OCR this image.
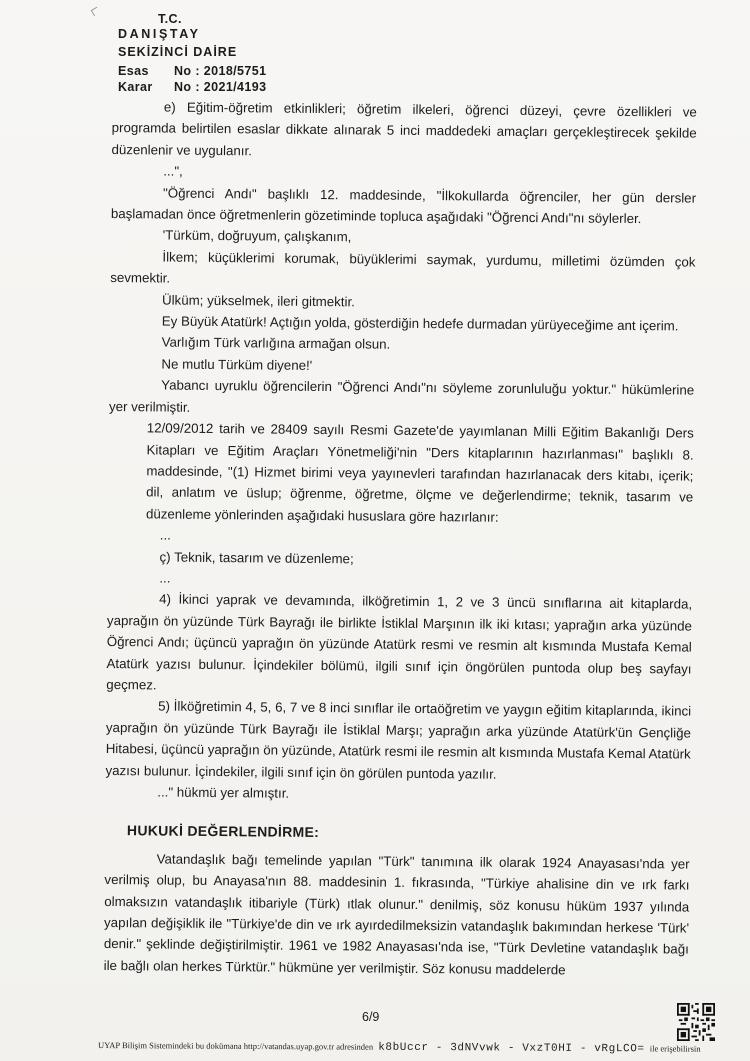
T.C.
DANIŞTAY
SEKİZİNCİ DAİRE
Esas No : 2018/5751
Karar No : 2021/4193

e) Eğitim-öğretim etkinlikleri; öğretim ilkeleri, öğrenci düzeyi, çevre özellikleri ve programda belirtilen esaslar dikkate alınarak 5 inci maddedeki amaçları gerçekleştirecek şekilde düzenlenir ve uygulanır.

...",

"Öğrenci Andı" başlıklı 12. maddesinde, "İlkokullarda öğrenciler, her gün dersler başlamadan önce öğretmenlerin gözetiminde topluca aşağıdaki "Öğrenci Andı"nı söylerler.

'Türküm, doğruyum, çalışkanım,

İlkem; küçüklerimi korumak, büyüklerimi saymak, yurdumu, milletimi özümden çok sevmektir.

Ülküm; yükselmek, ileri gitmektir.

Ey Büyük Atatürk! Açtığın yolda, gösterdiğin hedefe durmadan yürüyeceğime ant içerim.

Varlığım Türk varlığına armağan olsun.

Ne mutlu Türküm diyene!'

Yabancı uyruklu öğrencilerin "Öğrenci Andı"nı söyleme zorunluluğu yoktur." hükümlerine yer verilmiştir.

12/09/2012 tarih ve 28409 sayılı Resmi Gazete'de yayımlanan Milli Eğitim Bakanlığı Ders Kitapları ve Eğitim Araçları Yönetmeliği'nin "Ders kitaplarının hazırlanması" başlıklı 8. maddesinde, "(1) Hizmet birimi veya yayınevleri tarafından hazırlanacak ders kitabı, içerik; dil, anlatım ve üslup; öğrenme, öğretme, ölçme ve değerlendirme; teknik, tasarım ve düzenleme yönlerinden aşağıdaki hususlara göre hazırlanır:

...

ç) Teknik, tasarım ve düzenleme;

...

4) İkinci yaprak ve devamında, ilköğretimin 1, 2 ve 3 üncü sınıflarına ait kitaplarda, yaprağın ön yüzünde Türk Bayrağı ile birlikte İstiklal Marşının ilk iki kıtası; yaprağın arka yüzünde Öğrenci Andı; üçüncü yaprağın ön yüzünde Atatürk resmi ve resmin alt kısmında Mustafa Kemal Atatürk yazısı bulunur. İçindekiler bölümü, ilgili sınıf için öngörülen puntoda olup beş sayfayı geçmez.

5) İlköğretimin 4, 5, 6, 7 ve 8 inci sınıflar ile ortaöğretim ve yaygın eğitim kitaplarında, ikinci yaprağın ön yüzünde Türk Bayrağı ile İstiklal Marşı; yaprağın arka yüzünde Atatürk'ün Gençliğe Hitabesi, üçüncü yaprağın ön yüzünde, Atatürk resmi ile resmin alt kısmında Mustafa Kemal Atatürk yazısı bulunur. İçindekiler, ilgili sınıf için ön görülen puntoda yazılır.

..." hükmü yer almıştır.

HUKUKİ DEĞERLENDİRME:

Vatandaşlık bağı temelinde yapılan "Türk" tanımına ilk olarak 1924 Anayasası'nda yer verilmiş olup, bu Anayasa'nın 88. maddesinin 1. fıkrasında, "Türkiye ahalisine din ve ırk farkı olmaksızın vatandaşlık itibariyle (Türk) ıtlak olunur." denilmiş, söz konusu hüküm 1937 yılında yapılan değişiklik ile "Türkiye'de din ve ırk ayırdedilmeksizin vatandaşlık bakımından herkese 'Türk' denir." şeklinde değiştirilmiştir. 1961 ve 1982 Anayasası'nda ise, "Türk Devletine vatandaşlık bağı ile bağlı olan herkes Türktür." hükmüne yer verilmiştir. Söz konusu maddelerde

6/9
UYAP Bilişim Sistemindeki bu dokümana http://vatandas.uyap.gov.tr adresinden k8bUccr - 3dNVvwk - VxzT0HI - vRgLCO= ile erişebilirsin
